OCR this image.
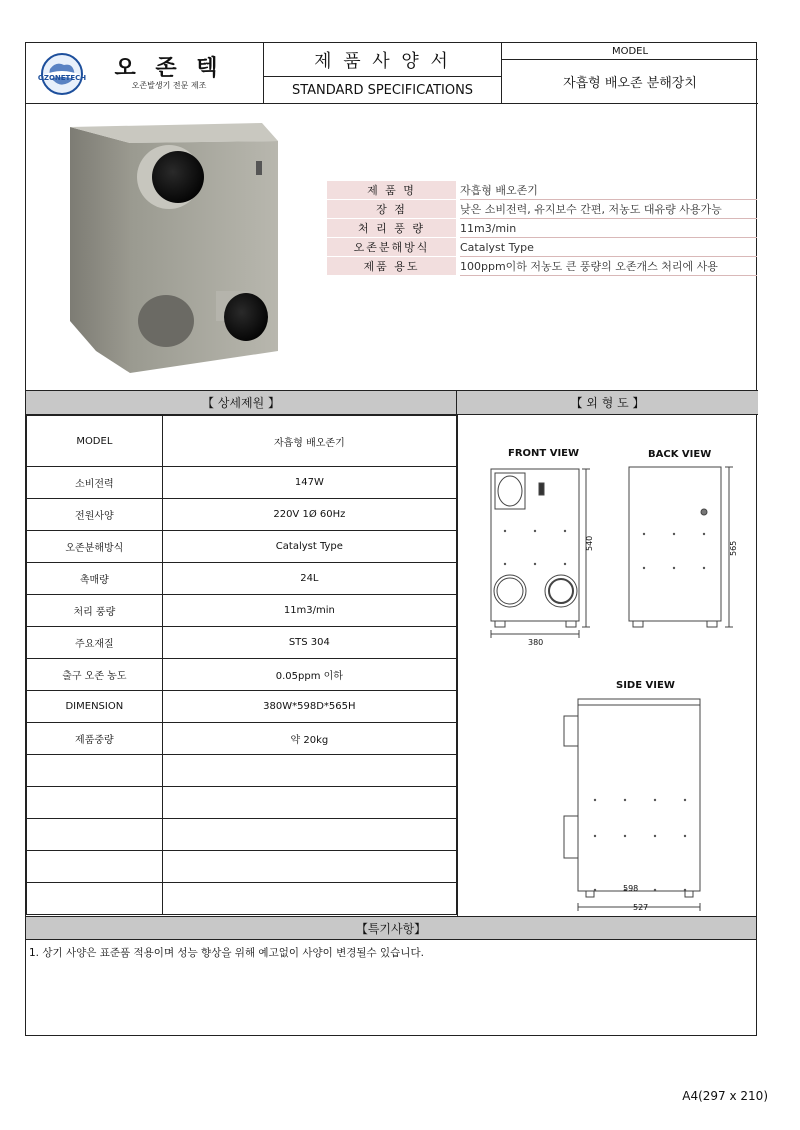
OZONETECH 오 존 텍
오존발생기 전문 제조
제 품 사 양 서
STANDARD SPECIFICATIONS
MODEL
자흡형 배오존 분해장치
제 품 명	자흡형 배오존기
장 점	낮은 소비전력, 유지보수 간편, 저농도 대유량 사용가능
처 리 풍 량	11m3/min
오존분해방식	Catalyst Type
제품 용도	100ppm이하 저농도 큰 풍량의 오존개스 처리에 사용
【 상세제원 】	【 외 형 도 】
MODEL	자흡형 배오존기
소비전력	147W
전원사양	220V 1Ø 60Hz
오존분해방식	Catalyst Type
촉매량	24L
처리 풍량	11m3/min
주요재질	STS 304
출구 오존 농도	0.05ppm 이하
DIMENSION	380W*598D*565H
제품중량	약 20kg

FRONT VIEW
540
380
BACK VIEW
565
SIDE VIEW
527
598
【특기사항】
1. 상기 사양은 표준품 적용이며 성능 향상을 위해 예고없이 사양이 변경될수 있습니다.
A4(297 x 210)
